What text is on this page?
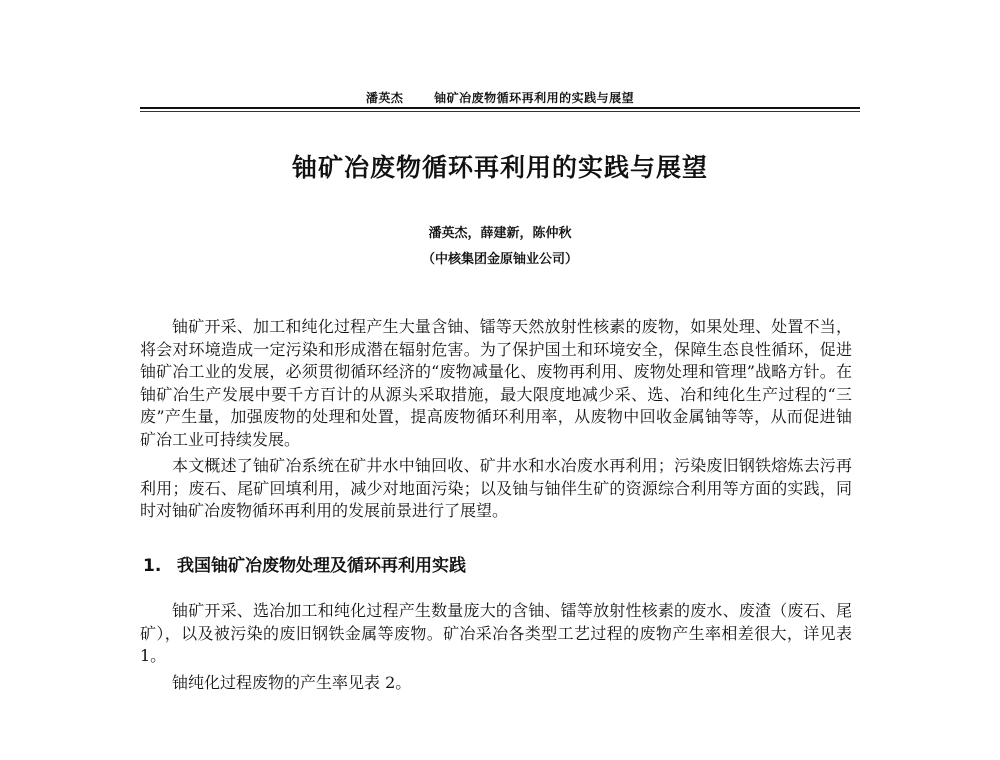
潘英杰	铀矿冶废物循环再利用的实践与展望
铀矿冶废物循环再利用的实践与展望
潘英杰，薛建新，陈仲秋
（中核集团金原铀业公司）

铀矿开采、加工和纯化过程产生大量含铀、镭等天然放射性核素的废物，如果处理、处置不当，将会对环境造成一定污染和形成潜在辐射危害。为了保护国土和环境安全，保障生态良性循环，促进铀矿冶工业的发展，必须贯彻循环经济的“废物减量化、废物再利用、废物处理和管理”战略方针。在铀矿冶生产发展中要千方百计的从源头采取措施，最大限度地减少采、选、冶和纯化生产过程的“三废”产生量，加强废物的处理和处置，提高废物循环利用率，从废物中回收金属铀等等，从而促进铀矿冶工业可持续发展。

本文概述了铀矿冶系统在矿井水中铀回收、矿井水和水冶废水再利用；污染废旧钢铁熔炼去污再利用；废石、尾矿回填利用，减少对地面污染；以及铀与铀伴生矿的资源综合利用等方面的实践，同时对铀矿冶废物循环再利用的发展前景进行了展望。

1. 我国铀矿冶废物处理及循环再利用实践

铀矿开采、选冶加工和纯化过程产生数量庞大的含铀、镭等放射性核素的废水、废渣（废石、尾矿），以及被污染的废旧钢铁金属等废物。矿冶采冶各类型工艺过程的废物产生率相差很大，详见表 1。

铀纯化过程废物的产生率见表 2。
